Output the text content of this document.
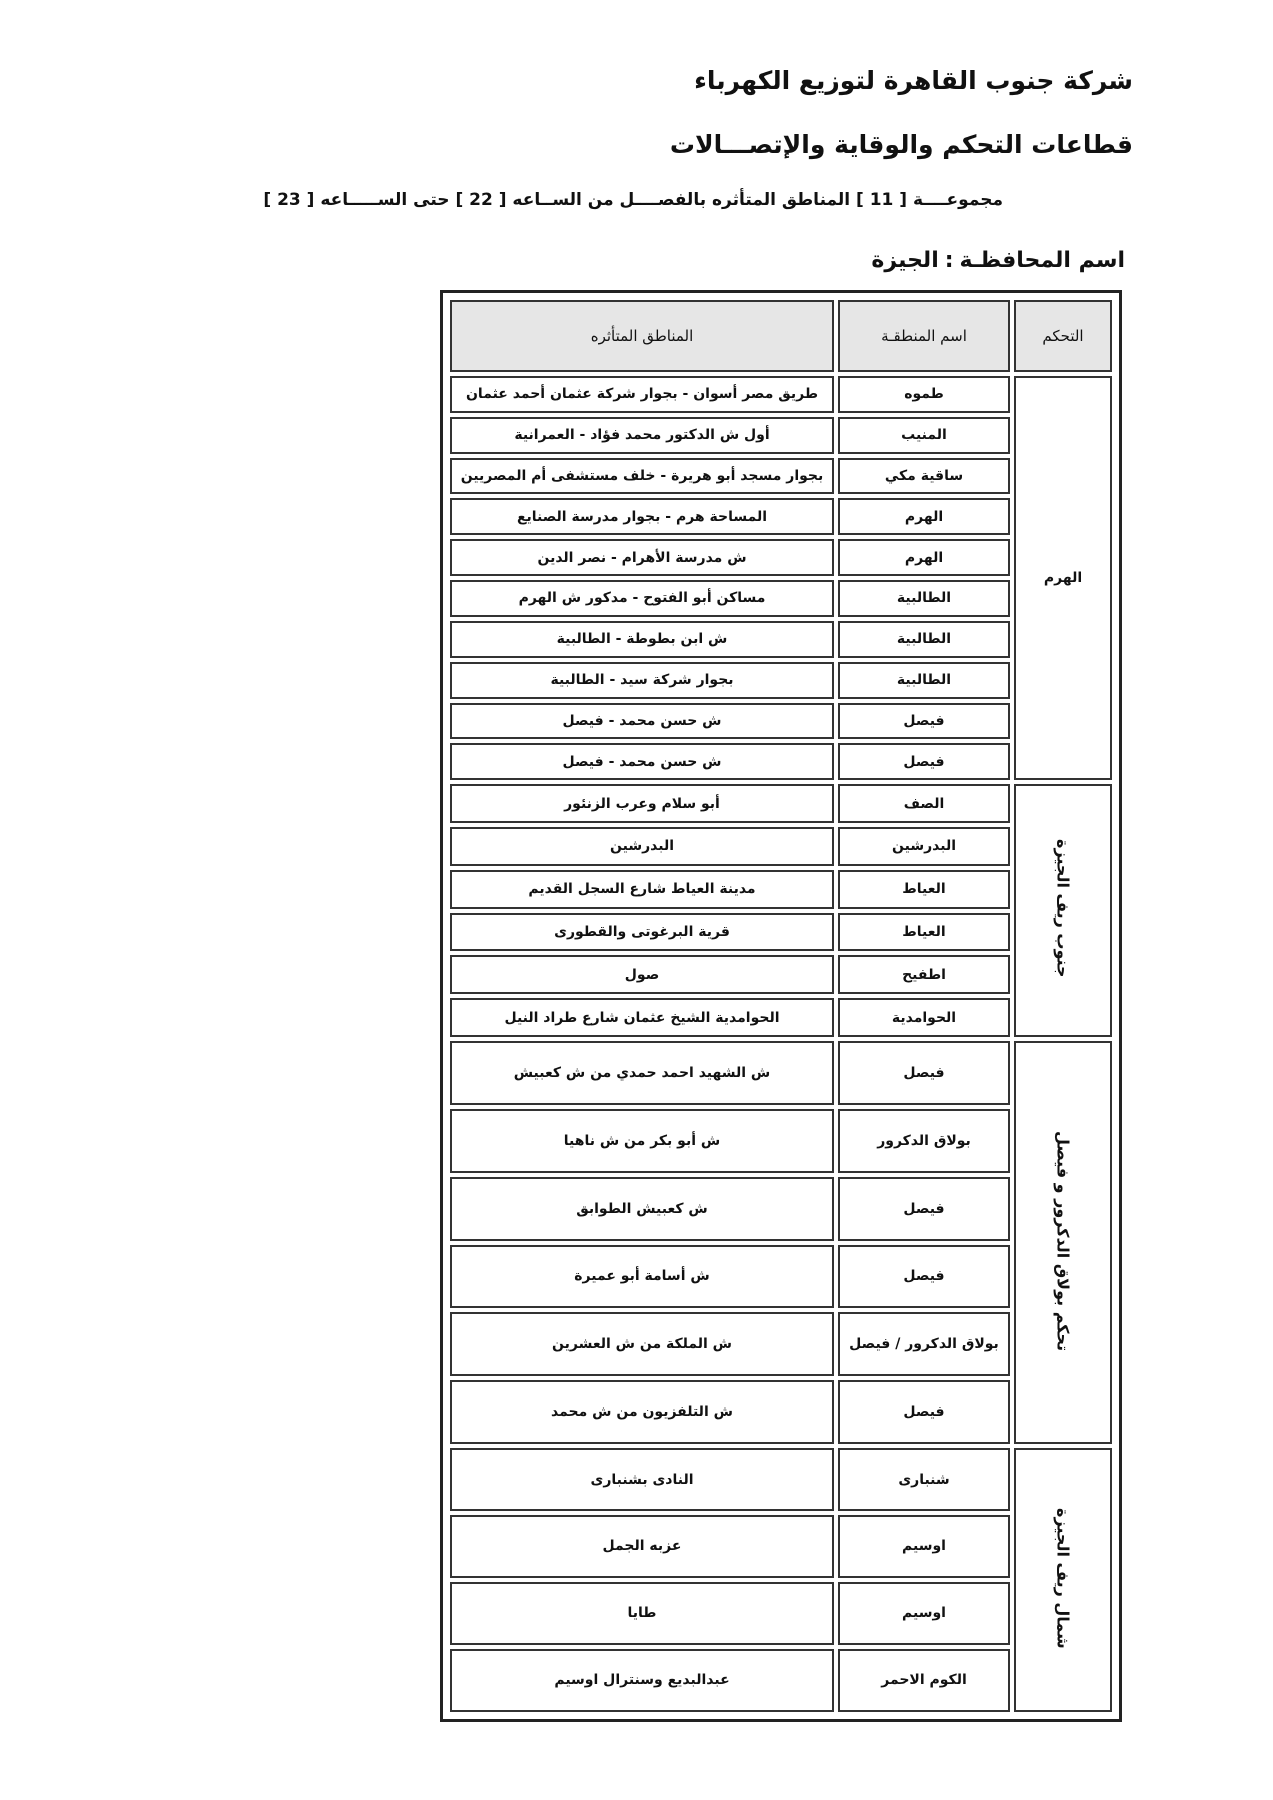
شركة جنوب القاهرة لتوزيع الكهرباء
قطاعات التحكم والوقاية والإتصـــالات
مجموعــــة [ 11 ] المناطق المتأثره بالفصــــل من الســاعه [ 22 ] حتى الســـــاعه [ 23 ]
اسم المحافظـة:الجيزة
التحكم	اسم المنطقـة	المناطق المتأثره
الهرم	طموه	طريق مصر أسوان - بجوار شركة عثمان أحمد عثمان
	المنيب	أول ش الدكتور محمد فؤاد - العمرانية
	ساقية مكي	بجوار مسجد أبو هريرة - خلف مستشفى أم المصريين
	الهرم	المساحة هرم - بجوار مدرسة الصنايع
	الهرم	ش مدرسة الأهرام - نصر الدين
	الطالبية	مساكن أبو الفتوح - مدكور ش الهرم
	الطالبية	ش ابن بطوطة - الطالبية
	الطالبية	بجوار شركة سيد - الطالبية
	فيصل	ش حسن محمد - فيصل
	فيصل	ش حسن محمد - فيصل
جنوب ريف الجيزة	الصف	أبو سلام وعرب الزنئور
	البدرشين	البدرشين
	العياط	مدينة العياط شارع السجل القديم
	العياط	قرية البرغوتى والقطورى
	اطفيح	صول
	الحوامدية	الحوامدية الشيخ عثمان شارع طراد النيل
تحكم بولاق الدكرور و فيصل	فيصل	ش الشهيد احمد حمدي من ش كعبيش
	بولاق الدكرور	ش أبو بكر من ش ناهيا
	فيصل	ش كعبيش الطوابق
	فيصل	ش أسامة أبو عميرة
	بولاق الدكرور / فيصل	ش الملكة من ش العشرين
	فيصل	ش التلفزيون من ش محمد
شمال ريف الجيزة	شنبارى	النادى بشنبارى
	اوسيم	عزبه الجمل
	اوسيم	طايا
	الكوم الاحمر	عبدالبديع وسنترال اوسيم
